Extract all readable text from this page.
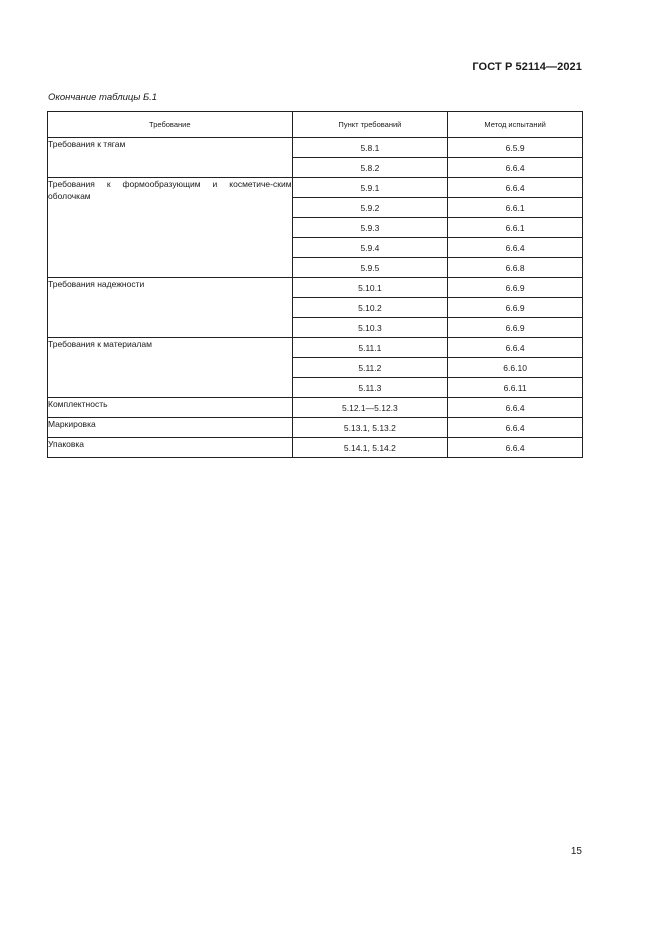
ГОСТ Р 52114—2021
Окончание таблицы Б.1
Требование	Пункт требований	Метод испытаний
Требования к тягам	5.8.1	6.5.9
	5.8.2	6.6.4
Требования к формообразующим и косметиче-ским оболочкам	5.9.1	6.6.4
	5.9.2	6.6.1
	5.9.3	6.6.1
	5.9.4	6.6.4
	5.9.5	6.6.8
Требования надежности	5.10.1	6.6.9
	5.10.2	6.6.9
	5.10.3	6.6.9
Требования к материалам	5.11.1	6.6.4
	5.11.2	6.6.10
	5.11.3	6.6.11
Комплектность	5.12.1—5.12.3	6.6.4
Маркировка	5.13.1, 5.13.2	6.6.4
Упаковка	5.14.1, 5.14.2	6.6.4
15
